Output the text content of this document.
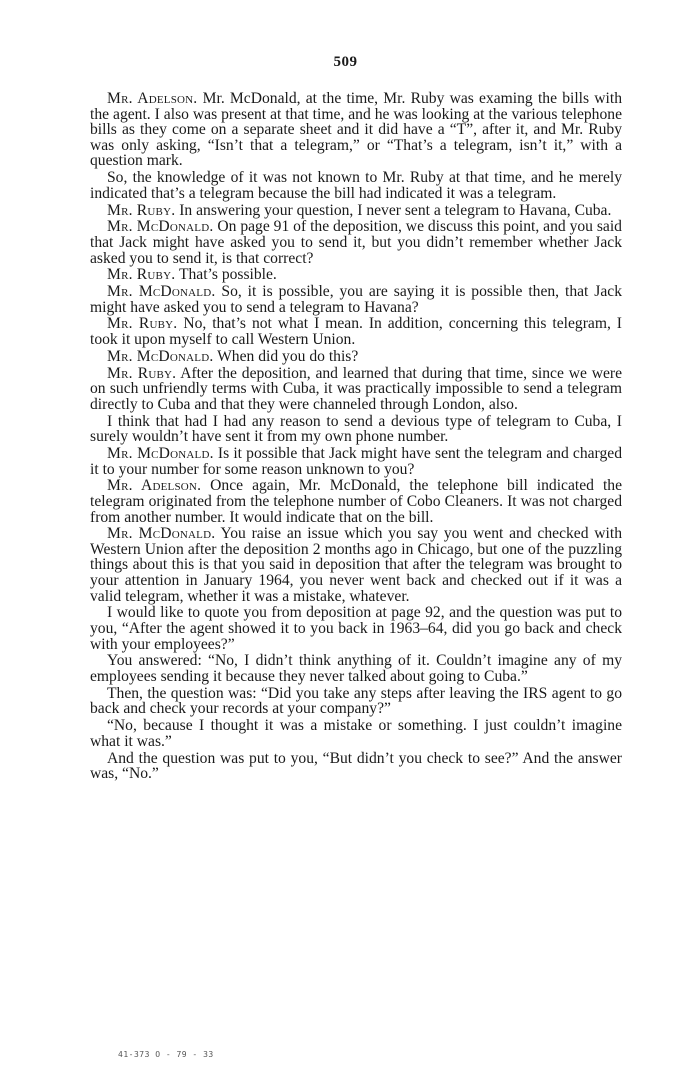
509

Mr. Adelson. Mr. McDonald, at the time, Mr. Ruby was examing the bills with the agent. I also was present at that time, and he was looking at the various telephone bills as they come on a separate sheet and it did have a “T”, after it, and Mr. Ruby was only asking, “Isn’t that a telegram,” or “That’s a telegram, isn’t it,” with a question mark.

So, the knowledge of it was not known to Mr. Ruby at that time, and he merely indicated that’s a telegram because the bill had indicated it was a telegram.

Mr. Ruby. In answering your question, I never sent a telegram to Havana, Cuba.

Mr. McDonald. On page 91 of the deposition, we discuss this point, and you said that Jack might have asked you to send it, but you didn’t remember whether Jack asked you to send it, is that correct?

Mr. Ruby. That’s possible.

Mr. McDonald. So, it is possible, you are saying it is possible then, that Jack might have asked you to send a telegram to Havana?

Mr. Ruby. No, that’s not what I mean. In addition, concerning this telegram, I took it upon myself to call Western Union.

Mr. McDonald. When did you do this?

Mr. Ruby. After the deposition, and learned that during that time, since we were on such unfriendly terms with Cuba, it was practically impossible to send a telegram directly to Cuba and that they were channeled through London, also.

I think that had I had any reason to send a devious type of telegram to Cuba, I surely wouldn’t have sent it from my own phone number.

Mr. McDonald. Is it possible that Jack might have sent the telegram and charged it to your number for some reason unknown to you?

Mr. Adelson. Once again, Mr. McDonald, the telephone bill indicated the telegram originated from the telephone number of Cobo Cleaners. It was not charged from another number. It would indicate that on the bill.

Mr. McDonald. You raise an issue which you say you went and checked with Western Union after the deposition 2 months ago in Chicago, but one of the puzzling things about this is that you said in deposition that after the telegram was brought to your attention in January 1964, you never went back and checked out if it was a valid telegram, whether it was a mistake, whatever.

I would like to quote you from deposition at page 92, and the question was put to you, “After the agent showed it to you back in 1963–64, did you go back and check with your employees?”

You answered: “No, I didn’t think anything of it. Couldn’t imagine any of my employees sending it because they never talked about going to Cuba.”

Then, the question was: “Did you take any steps after leaving the IRS agent to go back and check your records at your company?”

“No, because I thought it was a mistake or something. I just couldn’t imagine what it was.”

And the question was put to you, “But didn’t you check to see?” And the answer was, “No.”

41-373 O - 79 - 33
